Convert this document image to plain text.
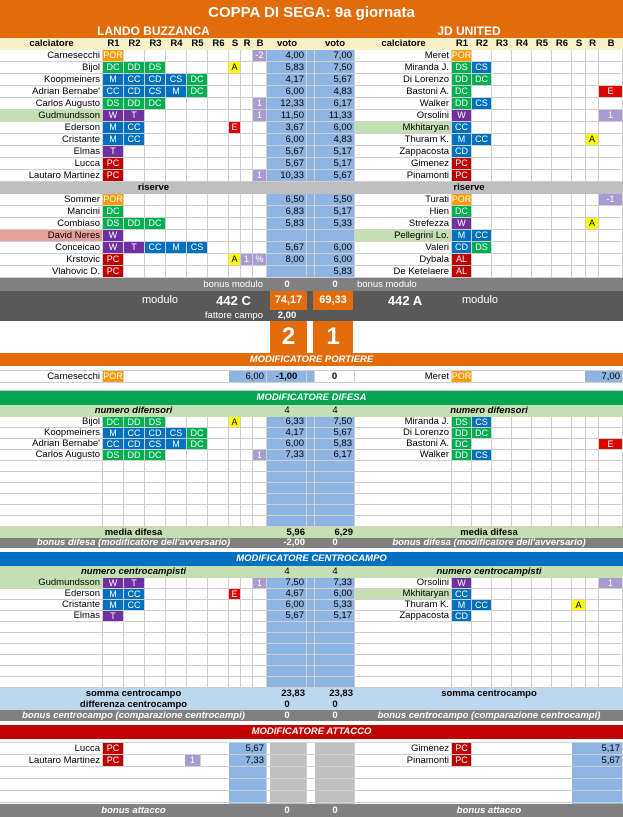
COPPA DI SEGA: 9a giornata
LANDO BUZZANCA	JD UNITED
calciatore	R1 R2 R3 R4 R5 R6 S R B	voto	voto	calciatore	R1 R2 R3 R4 R5 R6 S R	B
Carnesecchi POR	-2	4,00	7,00	Meret POR
Bijol DC DD DS	A	5,83	7,50	Miranda J. DS CS
Koopmeiners	M	CC CD CS DC	4,17	5,67	Di Lorenzo DD DC
Adrian Bernabe' CC CD CS	M	DC	6,00	4,83	Bastoni A. DC	E
Carlos Augusto DS DD DC	1	12,33	6,17	Walker DD CS
Gudmundsson W	T	1	11,50	11,33	Orsolini W	1
Ederson	M	CC	E	3,67	6,00	Mkhitaryan CC
Cristante	M	CC	6,00	4,83	Thuram K. M	CC	A
Elmas	T	5,67	5,17	Zappacosta CD
Lucca PC	5,67	5,17	Gimenez PC
Lautaro Martinez PC	1	10,33	5,67	Pinamonti PC
riserve	riserve
Sommer POR	6,50	5,50	Turati POR	-1
Mancini DC	6,83	5,17	Hien DC
Combiaso DS DD DC	5,83	5,33	Strefezza W	A
David Neres W	Pellegrini Lo. M	CC
Conceicao W	T	CC	M	CS	5,67	6,00	Valeri CD DS
Krstovic PC	A 1 %	8,00	6,00	Dybala AL
Vlahovic D. PC	5,83	De Ketelaere AL
bonus modulo	0	0	bonus modulo
modulo	442 C	74,17	69,33	442 A	modulo
fattore campo	2,00
2	1
MODIFICATORE PORTIERE
Carnesecchi POR	6,00	-1,00	0	Meret POR	7,00
MODIFICATORE DIFESA
numero difensori	4	4	numero difensori
Bijol DC DD DS	A	6,33	7,50	Miranda J. DS CS
Koopmeiners	M	CC CD CS DC	4,17	5,67	Di Lorenzo DD DC
Adrian Bernabe' CC CD CS	M	DC	6,00	5,83	Bastoni A. DC	E
Carlos Augusto DS DD DC	1	7,33	6,17	Walker DD CS
media difesa	5,96	6,29	media difesa
bonus difesa (modificatore dell'avversario)	-2,00	0	bonus difesa (modificatore dell'avversario)
MODIFICATORE CENTROCAMPO
numero centrocampisti	4	4	numero centrocampisti
Gudmundsson W	T	1	7,50	7,33	Orsolini W	1
Ederson	M	CC	E	4,67	6,00	Mkhitaryan CC
Cristante	M	CC	6,00	5,33	Thuram K. M	CC	A
Elmas	T	5,67	5,17	Zappacosta CD
somma centrocampo	23,83	23,83	somma centrocampo
differenza centrocampo	0	0
bonus centrocampo (comparazione centrocampi)	0	0	bonus centrocampo (comparazione centrocampi)
MODIFICATORE ATTACCO
Lucca PC	5,67	Gimenez PC	5,17
Lautaro Martinez PC	1	7,33	Pinamonti PC	5,67
bonus attacco	0	0	bonus attacco
